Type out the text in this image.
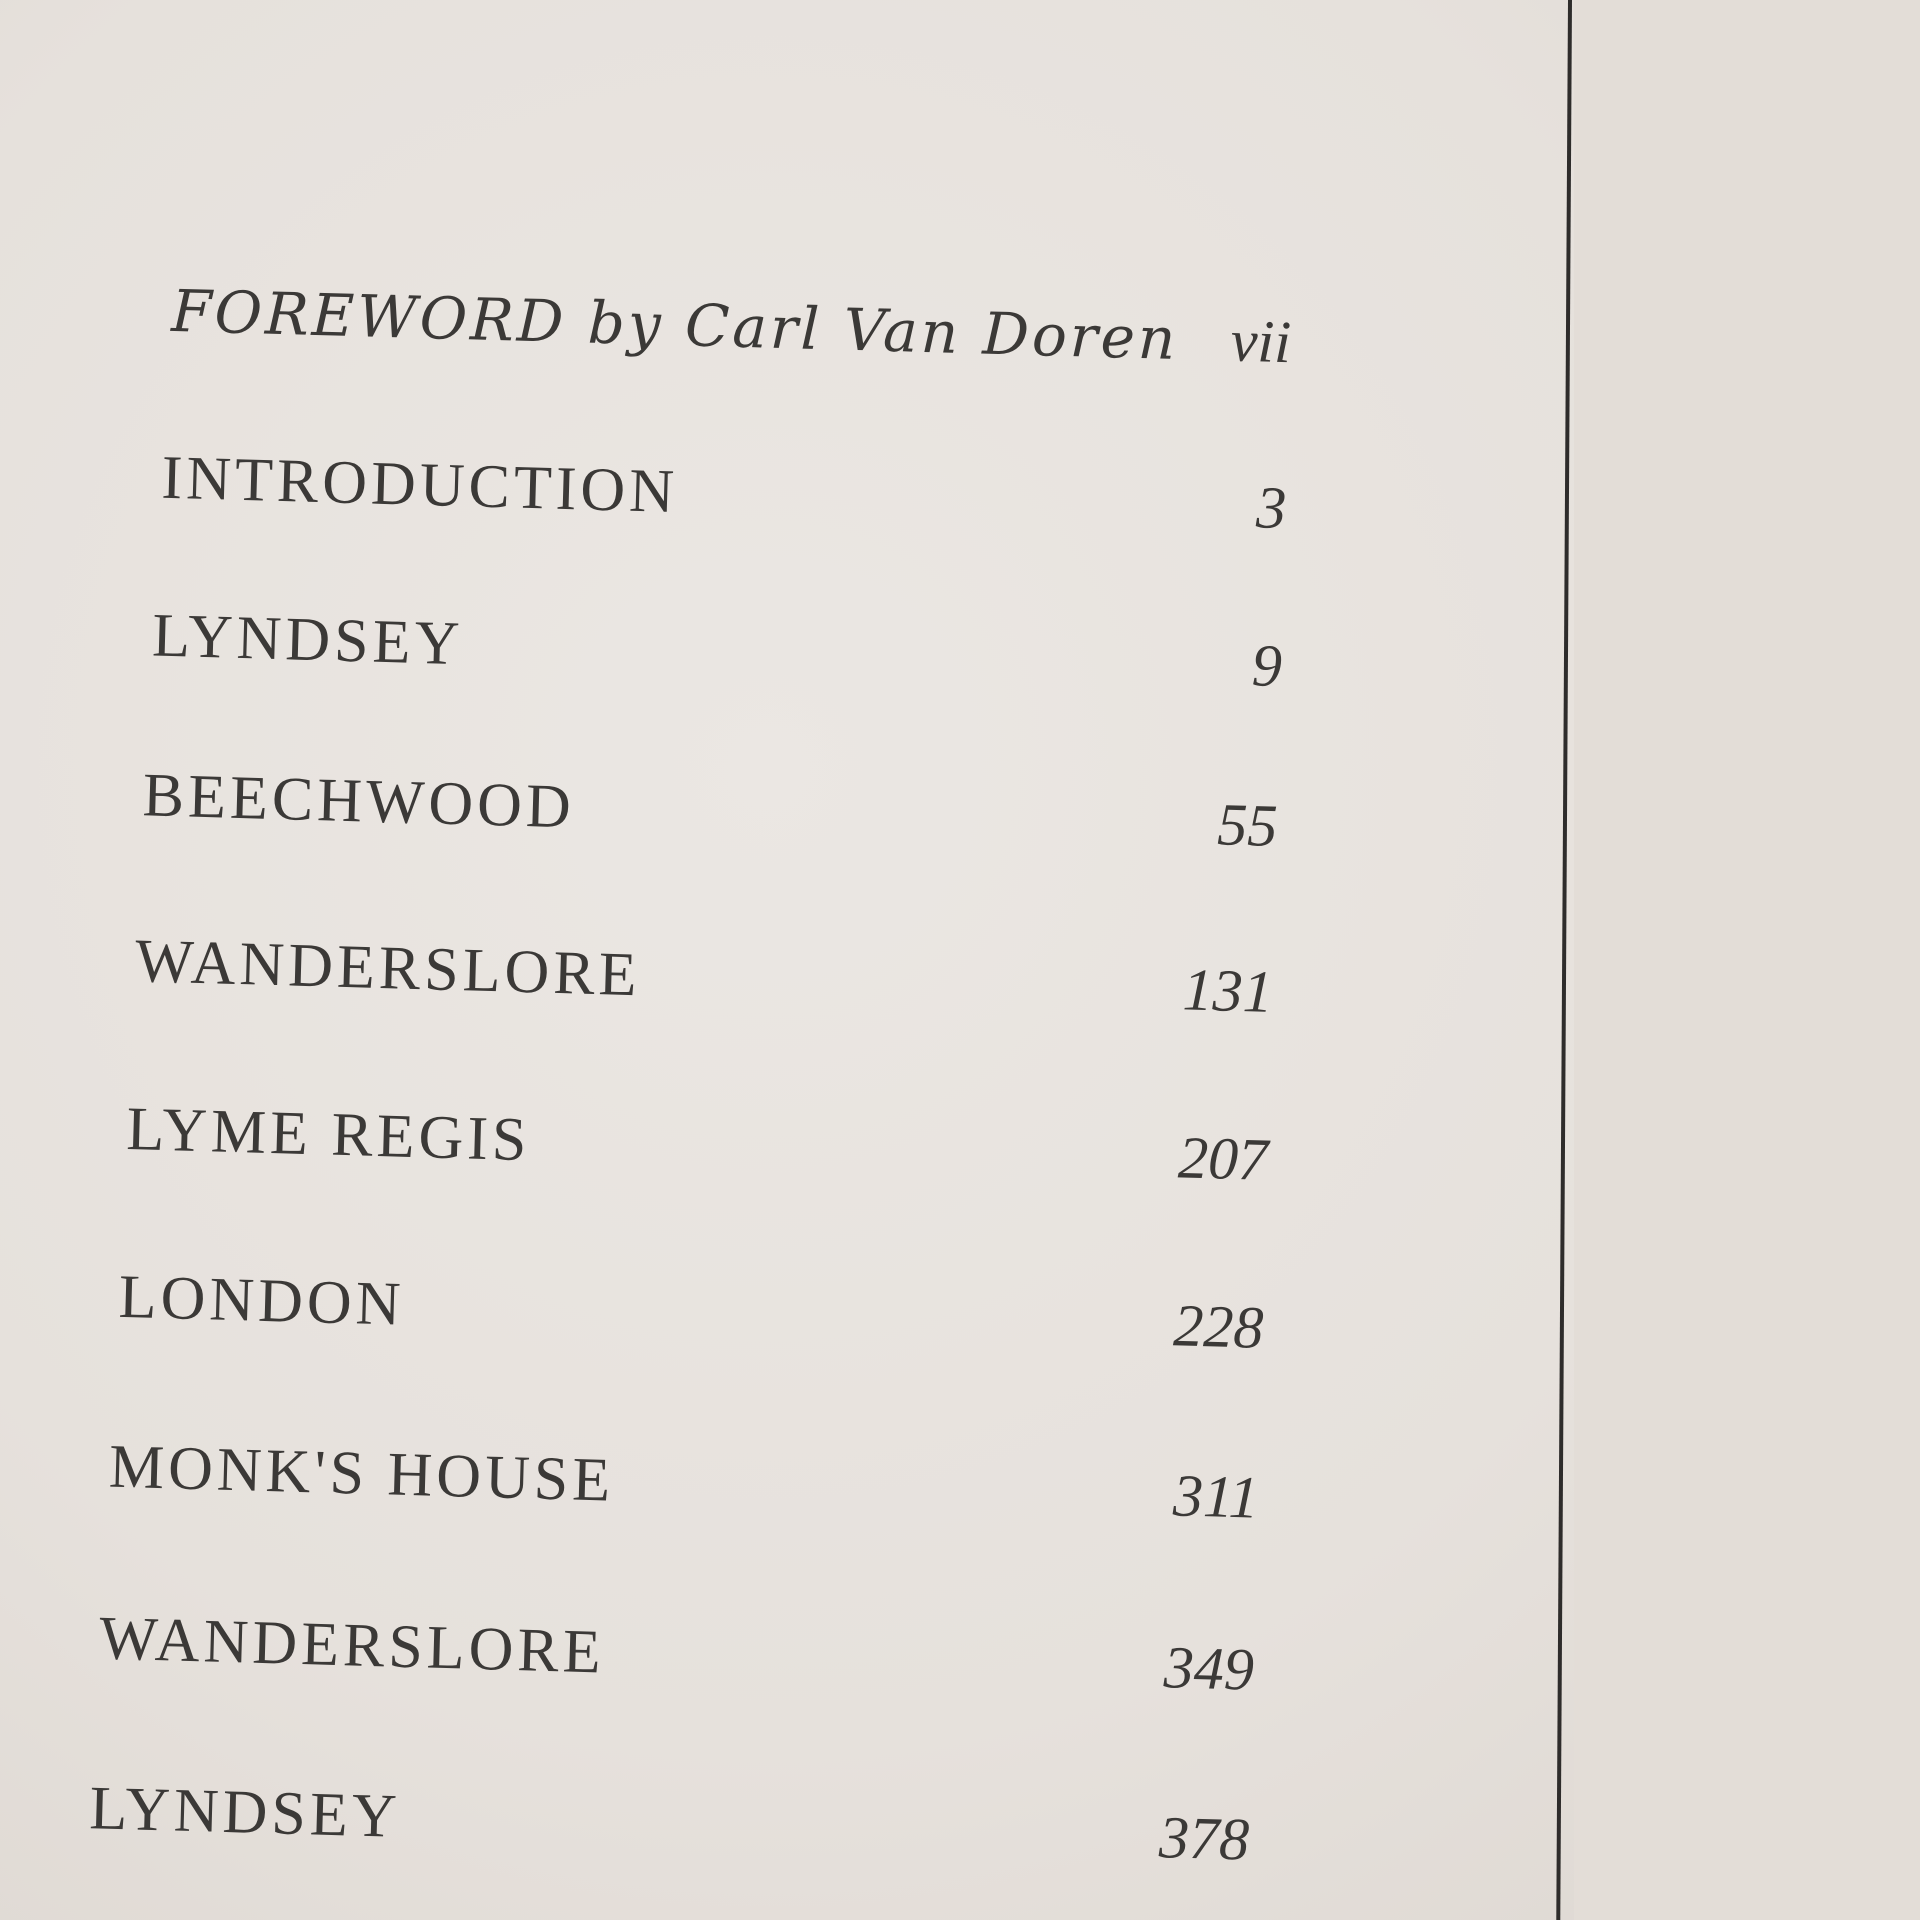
FOREWORD by Carl Van Doren vii
INTRODUCTION	3
LYNDSEY	9
BEECHWOOD	55
WANDERSLORE	131
LYME REGIS	207
LONDON	228
MONK'S HOUSE	311
WANDERSLORE	349
LYNDSEY	378
